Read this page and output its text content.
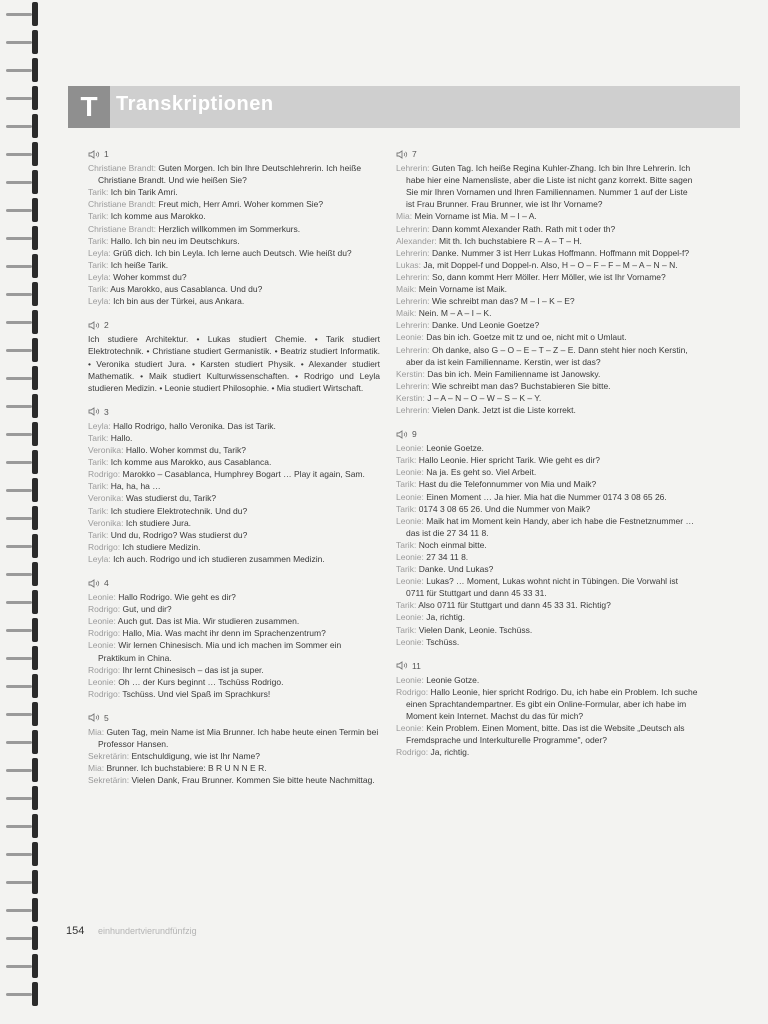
T Transkriptionen
1
Christiane Brandt: Guten Morgen. Ich bin Ihre Deutschlehrerin. Ich heiße Christiane Brandt. Und wie heißen Sie?
Tarik: Ich bin Tarik Amri.
Christiane Brandt: Freut mich, Herr Amri. Woher kommen Sie?
Tarik: Ich komme aus Marokko.
Christiane Brandt: Herzlich willkommen im Sommerkurs.
Tarik: Hallo. Ich bin neu im Deutschkurs.
Leyla: Grüß dich. Ich bin Leyla. Ich lerne auch Deutsch. Wie heißt du?
Tarik: Ich heiße Tarik.
Leyla: Woher kommst du?
Tarik: Aus Marokko, aus Casablanca. Und du?
Leyla: Ich bin aus der Türkei, aus Ankara.
2
Ich studiere Architektur. • Lukas studiert Chemie. • Tarik studiert Elektrotechnik. • Christiane studiert Germanistik. • Beatriz studiert Informatik. • Veronika studiert Jura. • Karsten studiert Physik. • Alexander studiert Mathematik. • Maik studiert Kulturwissenschaften. • Rodrigo und Leyla studieren Medizin. • Leonie studiert Philosophie. • Mia studiert Wirtschaft.
3
Leyla: Hallo Rodrigo, hallo Veronika. Das ist Tarik.
Tarik: Hallo.
Veronika: Hallo. Woher kommst du, Tarik?
Tarik: Ich komme aus Marokko, aus Casablanca.
Rodrigo: Marokko – Casablanca, Humphrey Bogart … Play it again, Sam.
Tarik: Ha, ha, ha …
Veronika: Was studierst du, Tarik?
Tarik: Ich studiere Elektrotechnik. Und du?
Veronika: Ich studiere Jura.
Tarik: Und du, Rodrigo? Was studierst du?
Rodrigo: Ich studiere Medizin.
Leyla: Ich auch. Rodrigo und ich studieren zusammen Medizin.
4
Leonie: Hallo Rodrigo. Wie geht es dir?
Rodrigo: Gut, und dir?
Leonie: Auch gut. Das ist Mia. Wir studieren zusammen.
Rodrigo: Hallo, Mia. Was macht ihr denn im Sprachenzentrum?
Leonie: Wir lernen Chinesisch. Mia und ich machen im Sommer ein Praktikum in China.
Rodrigo: Ihr lernt Chinesisch – das ist ja super.
Leonie: Oh … der Kurs beginnt … Tschüss Rodrigo.
Rodrigo: Tschüss. Und viel Spaß im Sprachkurs!
5
Mia: Guten Tag, mein Name ist Mia Brunner. Ich habe heute einen Termin bei Professor Hansen.
Sekretärin: Entschuldigung, wie ist Ihr Name?
Mia: Brunner. Ich buchstabiere: B R U N N E R.
Sekretärin: Vielen Dank, Frau Brunner. Kommen Sie bitte heute Nachmittag.
7
Lehrerin: Guten Tag. Ich heiße Regina Kuhler-Zhang. Ich bin Ihre Lehrerin. Ich habe hier eine Namensliste, aber die Liste ist nicht ganz korrekt. Bitte sagen Sie mir Ihren Vornamen und Ihren Familiennamen. Nummer 1 auf der Liste ist Frau Brunner. Frau Brunner, wie ist Ihr Vorname?
Mia: Mein Vorname ist Mia. M – I – A.
Lehrerin: Dann kommt Alexander Rath. Rath mit t oder th?
Alexander: Mit th. Ich buchstabiere R – A – T – H.
Lehrerin: Danke. Nummer 3 ist Herr Lukas Hoffmann. Hoffmann mit Doppel-f?
Lukas: Ja, mit Doppel-f und Doppel-n. Also, H – O – F – F – M – A – N – N.
Lehrerin: So, dann kommt Herr Möller. Herr Möller, wie ist Ihr Vorname?
Maik: Mein Vorname ist Maik.
Lehrerin: Wie schreibt man das? M – I – K – E?
Maik: Nein. M – A – I – K.
Lehrerin: Danke. Und Leonie Goetze?
Leonie: Das bin ich. Goetze mit tz und oe, nicht mit o Umlaut.
Lehrerin: Oh danke, also G – O – E – T – Z – E. Dann steht hier noch Kerstin, aber da ist kein Familienname. Kerstin, wer ist das?
Kerstin: Das bin ich. Mein Familienname ist Janowsky.
Lehrerin: Wie schreibt man das? Buchstabieren Sie bitte.
Kerstin: J – A – N – O – W – S – K – Y.
Lehrerin: Vielen Dank. Jetzt ist die Liste korrekt.
9
Leonie: Leonie Goetze.
Tarik: Hallo Leonie. Hier spricht Tarik. Wie geht es dir?
Leonie: Na ja. Es geht so. Viel Arbeit.
Tarik: Hast du die Telefonnummer von Mia und Maik?
Leonie: Einen Moment … Ja hier. Mia hat die Nummer 0174 3 08 65 26.
Tarik: 0174 3 08 65 26. Und die Nummer von Maik?
Leonie: Maik hat im Moment kein Handy, aber ich habe die Festnetznummer … das ist die 27 34 11 8.
Tarik: Noch einmal bitte.
Leonie: 27 34 11 8.
Tarik: Danke. Und Lukas?
Leonie: Lukas? … Moment, Lukas wohnt nicht in Tübingen. Die Vorwahl ist 0711 für Stuttgart und dann 45 33 31.
Tarik: Also 0711 für Stuttgart und dann 45 33 31. Richtig?
Leonie: Ja, richtig.
Tarik: Vielen Dank, Leonie. Tschüss.
Leonie: Tschüss.
11
Leonie: Leonie Gotze.
Rodrigo: Hallo Leonie, hier spricht Rodrigo. Du, ich habe ein Problem. Ich suche einen Sprachtandempartner. Es gibt ein Online-Formular, aber ich habe im Moment kein Internet. Machst du das für mich?
Leonie: Kein Problem. Einen Moment, bitte. Das ist die Website „Deutsch als Fremdsprache und Interkulturelle Programme", oder?
Rodrigo: Ja, richtig.
154 einhundertvierundfünfzig
